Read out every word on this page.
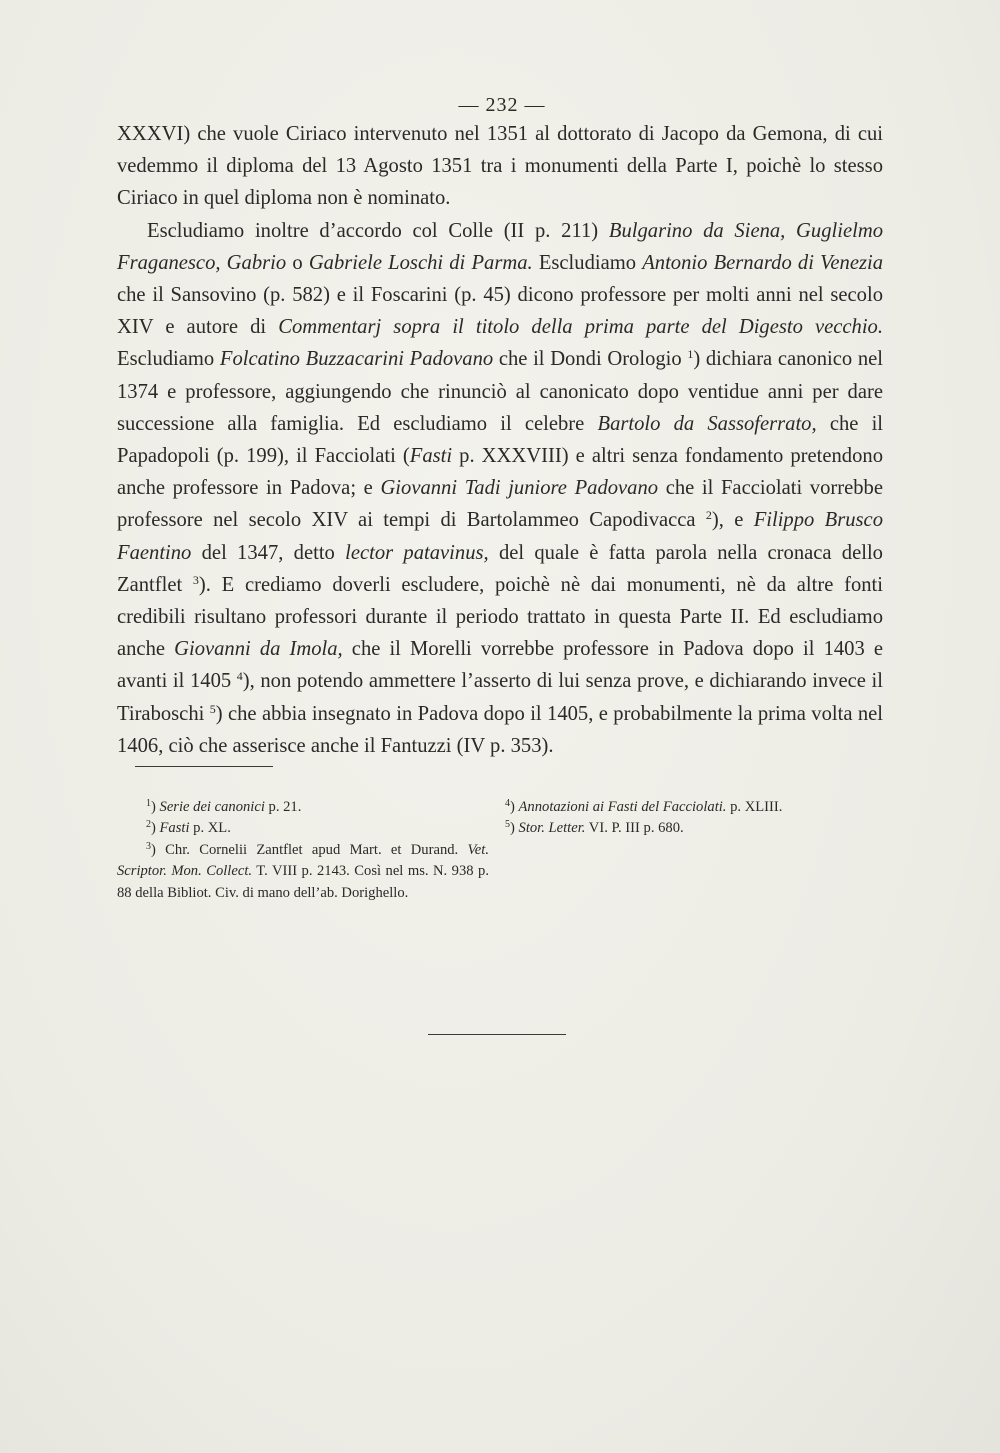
— 232 —

XXXVI) che vuole Ciriaco intervenuto nel 1351 al dottorato di Jacopo da Gemona, di cui vedemmo il diploma del 13 Agosto 1351 tra i monumenti della Parte I, poichè lo stesso Ciriaco in quel diploma non è nominato.

Escludiamo inoltre d’accordo col Colle (II p. 211) Bulgarino da Siena, Guglielmo Fraganesco, Gabrio o Gabriele Loschi di Parma. Escludiamo Antonio Bernardo di Venezia che il Sansovino (p. 582) e il Foscarini (p. 45) dicono professore per molti anni nel secolo XIV e autore di Commentarj sopra il titolo della prima parte del Digesto vecchio. Escludiamo Folcatino Buzzacarini Padovano che il Dondi Orologio $^1$) dichiara canonico nel 1374 e professore, aggiungendo che rinunciò al canonicato dopo ventidue anni per dare successione alla famiglia. Ed escludiamo il celebre Bartolo da Sassoferrato, che il Papadopoli (p. 199), il Facciolati (Fasti p. XXXVIII) e altri senza fondamento pretendono anche professore in Padova; e Giovanni Tadi juniore Padovano che il Facciolati vorrebbe professore nel secolo XIV ai tempi di Bartolammeo Capodivacca $^2$), e Filippo Brusco Faentino del 1347, detto lector patavinus, del quale è fatta parola nella cronaca dello Zantflet $^3$). E crediamo doverli escludere, poichè nè dai monumenti, nè da altre fonti credibili risultano professori durante il periodo trattato in questa Parte II. Ed escludiamo anche Giovanni da Imola, che il Morelli vorrebbe professore in Padova dopo il 1403 e avanti il 1405 $^4$), non potendo ammettere l’asserto di lui senza prove, e dichiarando invece il Tiraboschi $^5$) che abbia insegnato in Padova dopo il 1405, e probabilmente la prima volta nel 1406, ciò che asserisce anche il Fantuzzi (IV p. 353).

$^1$) Serie dei canonici p. 21.

$^2$) Fasti p. XL.

$^3$) Chr. Cornelii Zantflet apud Mart. et Durand. Vet. Scriptor. Mon. Collect. T. VIII p. 2143. Così nel ms. N. 938 p. 88 della Bibliot. Civ. di mano dell’ab. Dorighello.

$^4$) Annotazioni ai Fasti del Facciolati. p. XLIII.

$^5$) Stor. Letter. VI. P. III p. 680.
